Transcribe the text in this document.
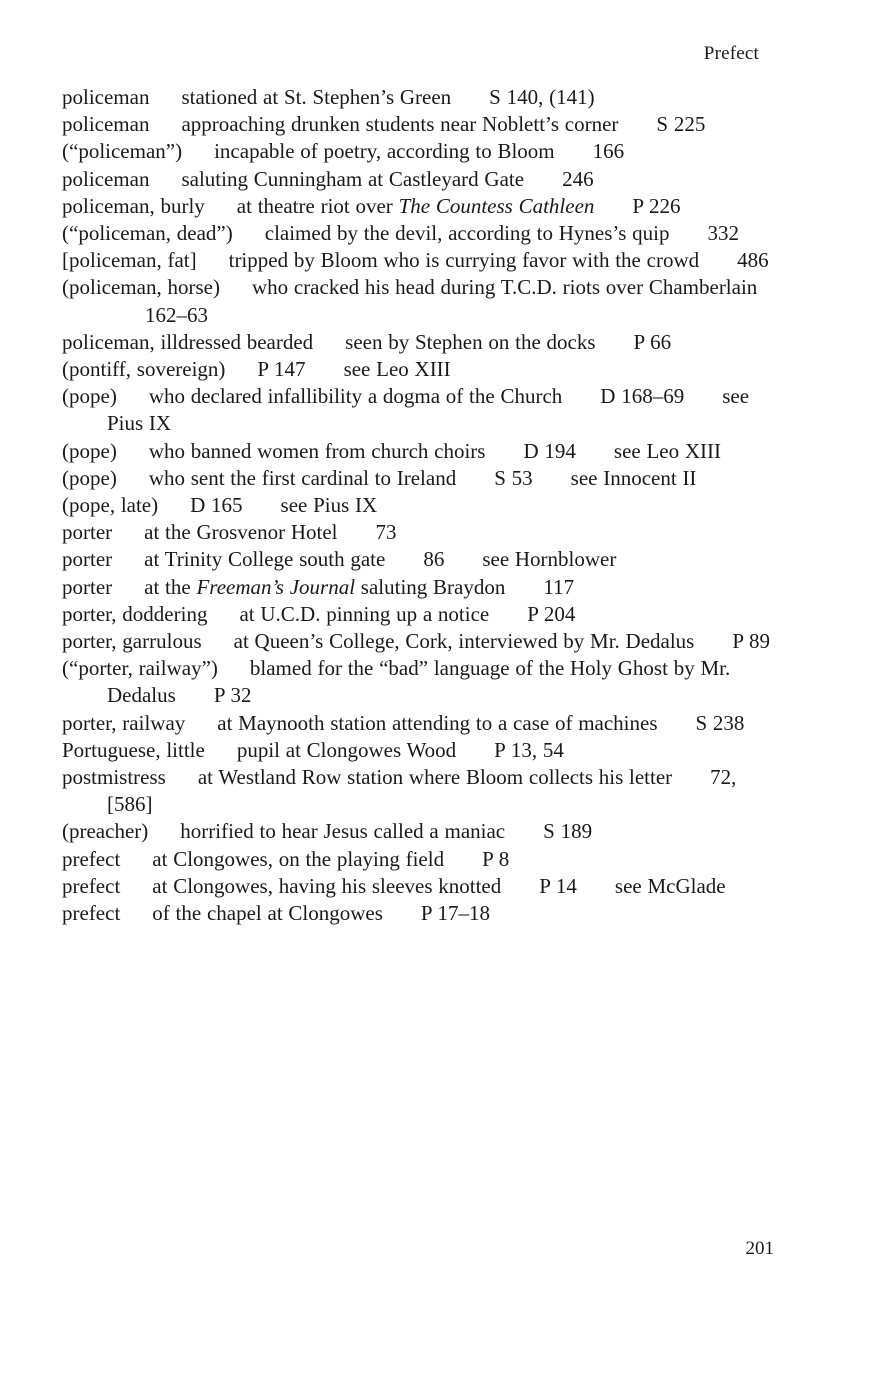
Prefect
policeman stationed at St. Stephen’s Green S 140, (141)
policeman approaching drunken students near Noblett’s corner S 225
(“policeman”) incapable of poetry, according to Bloom 166
policeman saluting Cunningham at Castleyard Gate 246
policeman, burly at theatre riot over The Countess Cathleen P 226
(“policeman, dead”) claimed by the devil, according to Hynes’s quip 332
[policeman, fat] tripped by Bloom who is currying favor with the crowd 486
(policeman, horse) who cracked his head during T.C.D. riots over Chamberlain162–63
policeman, illdressed bearded seen by Stephen on the docks P 66
(pontiff, sovereign) P 147 see Leo XIII
(pope) who declared infallibility a dogma of the Church D 168–69 see Pius IX
(pope) who banned women from church choirs D 194 see Leo XIII
(pope) who sent the first cardinal to Ireland S 53 see Innocent II
(pope, late) D 165 see Pius IX
porter at the Grosvenor Hotel 73
porter at Trinity College south gate 86 see Hornblower
porter at the Freeman’s Journal saluting Braydon 117
porter, doddering at U.C.D. pinning up a notice P 204
porter, garrulous at Queen’s College, Cork, interviewed by Mr. Dedalus P 89
(“porter, railway”) blamed for the “bad” language of the Holy Ghost by Mr. Dedalus P 32
porter, railway at Maynooth station attending to a case of machines S 238
Portuguese, little pupil at Clongowes Wood P 13, 54
postmistress at Westland Row station where Bloom collects his letter 72, [586]
(preacher) horrified to hear Jesus called a maniac S 189
prefect at Clongowes, on the playing field P 8
prefect at Clongowes, having his sleeves knotted P 14 see McGlade
prefect of the chapel at Clongowes P 17–18
201
